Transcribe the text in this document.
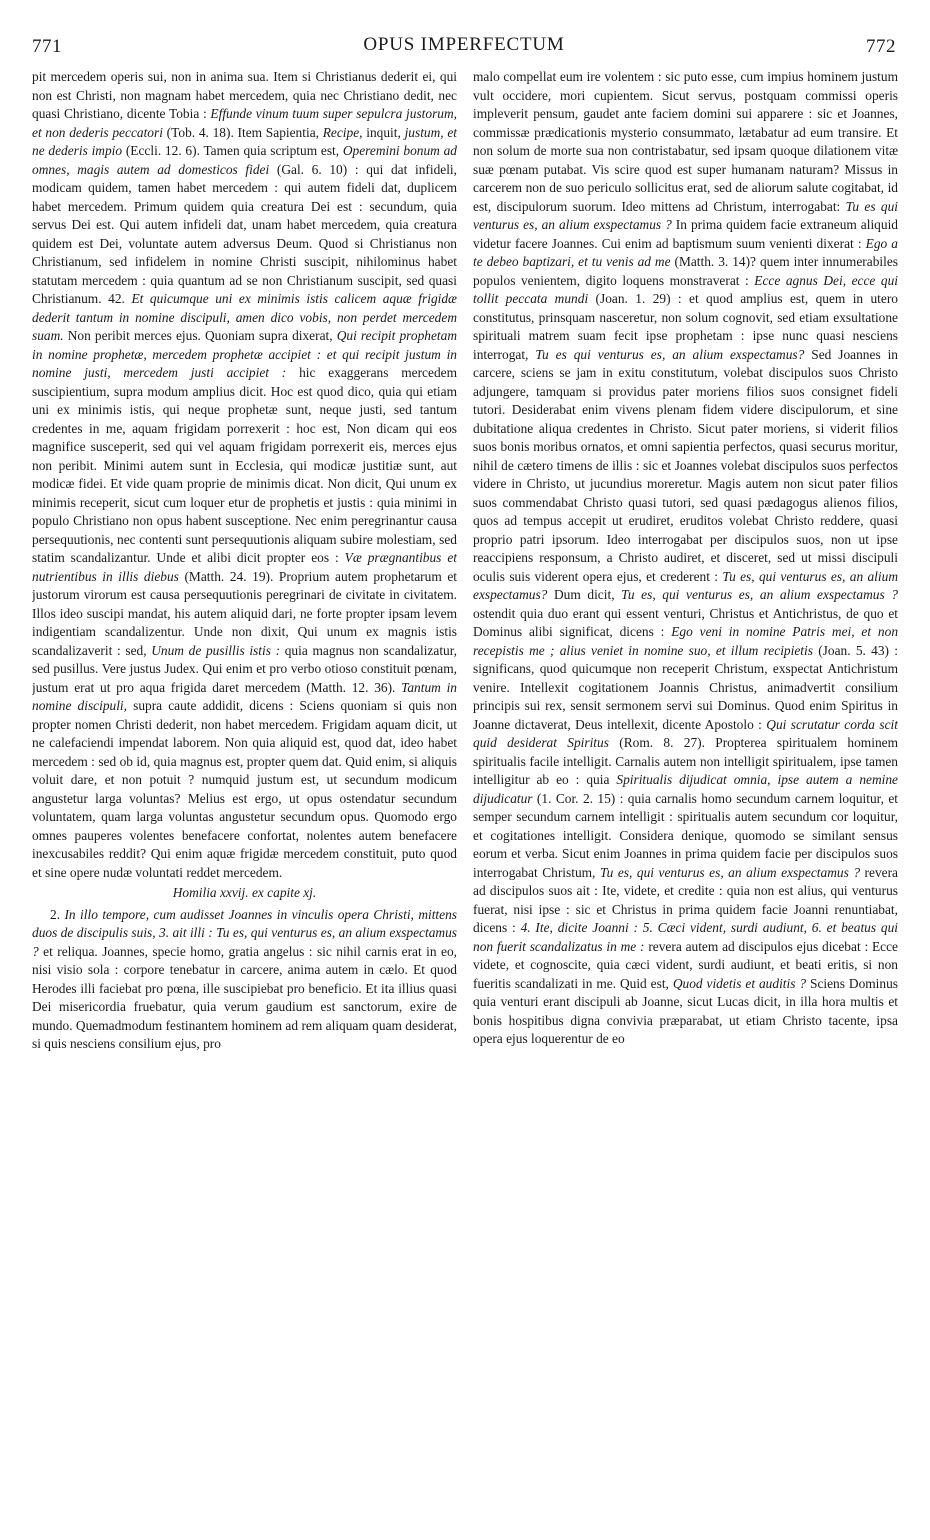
771	OPUS IMPERFECTUM	772

pit mercedem operis sui, non in anima sua. Item si Christianus dederit ei, qui non est Christi, non magnam habet mercedem, quia nec Christiano dedit, nec quasi Christiano, dicente Tobia : Effunde vinum tuum super sepulcra justorum, et non dederis peccatori (Tob. 4. 18). Item Sapientia, Recipe, inquit, justum, et ne dederis impio (Eccli. 12. 6). Tamen quia scriptum est, Operemini bonum ad omnes, magis autem ad domesticos fidei (Gal. 6. 10) : qui dat infideli, modicam quidem, tamen habet mercedem : qui autem fideli dat, duplicem habet mercedem. Primum quidem quia creatura Dei est : secundum, quia servus Dei est. Qui autem infideli dat, unam habet mercedem, quia creatura quidem est Dei, voluntate autem adversus Deum. Quod si Christianus non Christianum, sed infidelem in nomine Christi suscipit, nihilominus habet statutam mercedem : quia quantum ad se non Christianum suscipit, sed quasi Christianum. 42. Et quicumque uni ex minimis istis calicem aquæ frigidæ dederit tantum in nomine discipuli, amen dico vobis, non perdet mercedem suam. Non peribit merces ejus. Quoniam supra dixerat, Qui recipit prophetam in nomine prophetæ, mercedem prophetæ accipiet : et qui recipit justum in nomine justi, mercedem justi accipiet : hic exaggerans mercedem suscipientium, supra modum amplius dicit. Hoc est quod dico, quia qui etiam uni ex minimis istis, qui neque prophetæ sunt, neque justi, sed tantum credentes in me, aquam frigidam porrexerit : hoc est, Non dicam qui eos magnifice susceperit, sed qui vel aquam frigidam porrexerit eis, merces ejus non peribit. Minimi autem sunt in Ecclesia, qui modicæ justitiæ sunt, aut modicæ fidei. Et vide quam proprie de minimis dicat. Non dicit, Qui unum ex minimis receperit, sicut cum loquer etur de prophetis et justis : quia minimi in populo Christiano non opus habent susceptione. Nec enim peregrinantur causa persequutionis, nec contenti sunt persequutionis aliquam subire molestiam, sed statim scandalizantur. Unde et alibi dicit propter eos : Væ prægnantibus et nutrientibus in illis diebus (Matth. 24. 19). Proprium autem prophetarum et justorum virorum est causa persequutionis peregrinari de civitate in civitatem. Illos ideo suscipi mandat, his autem aliquid dari, ne forte propter ipsam levem indigentiam scandalizentur. Unde non dixit, Qui unum ex magnis istis scandalizaverit : sed, Unum de pusillis istis : quia magnus non scandalizatur, sed pusillus. Vere justus Judex. Qui enim et pro verbo otioso constituit pœnam, justum erat ut pro aqua frigida daret mercedem (Matth. 12. 36). Tantum in nomine discipuli, supra caute addidit, dicens : Sciens quoniam si quis non propter nomen Christi dederit, non habet mercedem. Frigidam aquam dicit, ut ne calefaciendi impendat laborem. Non quia aliquid est, quod dat, ideo habet mercedem : sed ob id, quia magnus est, propter quem dat. Quid enim, si aliquis voluit dare, et non potuit ? numquid justum est, ut secundum modicum angustetur larga voluntas? Melius est ergo, ut opus ostendatur secundum voluntatem, quam larga voluntas angustetur secundum opus. Quomodo ergo omnes pauperes volentes benefacere confortat, nolentes autem benefacere inexcusabiles reddit? Qui enim aquæ frigidæ mercedem constituit, puto quod et sine opere nudæ voluntati reddet mercedem.

Homilia xxvij. ex capite xj.

2. In illo tempore, cum audisset Joannes in vinculis opera Christi, mittens duos de discipulis suis, 3. ait illi : Tu es, qui venturus es, an alium exspectamus ? et reliqua. Joannes, specie homo, gratia angelus : sic nihil carnis erat in eo, nisi visio sola : corpore tenebatur in carcere, anima autem in cælo. Et quod Herodes illi faciebat pro pœna, ille suscipiebat pro beneficio. Et ita illius quasi Dei misericordia fruebatur, quia verum gaudium est sanctorum, exire de mundo. Quemadmodum festinantem hominem ad rem aliquam quam desiderat, si quis nesciens consilium ejus, pro

malo compellat eum ire volentem : sic puto esse, cum impius hominem justum vult occidere, mori cupientem. Sicut servus, postquam commissi operis impleverit pensum, gaudet ante faciem domini sui apparere : sic et Joannes, commissæ prædicationis mysterio consummato, lætabatur ad eum transire. Et non solum de morte sua non contristabatur, sed ipsam quoque dilationem vitæ suæ pœnam putabat. Vis scire quod est super humanam naturam? Missus in carcerem non de suo periculo sollicitus erat, sed de aliorum salute cogitabat, id est, discipulorum suorum. Ideo mittens ad Christum, interrogabat: Tu es qui venturus es, an alium exspectamus ? In prima quidem facie extraneum aliquid videtur facere Joannes. Cui enim ad baptismum suum venienti dixerat : Ego a te debeo baptizari, et tu venis ad me (Matth. 3. 14)? quem inter innumerabiles populos venientem, digito loquens monstraverat : Ecce agnus Dei, ecce qui tollit peccata mundi (Joan. 1. 29) : et quod amplius est, quem in utero constitutus, prinsquam nasceretur, non solum cognovit, sed etiam exsultatione spirituali matrem suam fecit ipse prophetam : ipse nunc quasi nesciens interrogat, Tu es qui venturus es, an alium exspectamus? Sed Joannes in carcere, sciens se jam in exitu constitutum, volebat discipulos suos Christo adjungere, tamquam si providus pater moriens filios suos consignet fideli tutori. Desiderabat enim vivens plenam fidem videre discipulorum, et sine dubitatione aliqua credentes in Christo. Sicut pater moriens, si viderit filios suos bonis moribus ornatos, et omni sapientia perfectos, quasi securus moritur, nihil de cætero timens de illis : sic et Joannes volebat discipulos suos perfectos videre in Christo, ut jucundius moreretur. Magis autem non sicut pater filios suos commendabat Christo quasi tutori, sed quasi pædagogus alienos filios, quos ad tempus accepit ut erudiret, eruditos volebat Christo reddere, quasi proprio patri ipsorum. Ideo interrogabat per discipulos suos, non ut ipse reaccipiens responsum, a Christo audiret, et disceret, sed ut missi discipuli oculis suis viderent opera ejus, et crederent : Tu es, qui venturus es, an alium exspectamus? Dum dicit, Tu es, qui venturus es, an alium exspectamus ? ostendit quia duo erant qui essent venturi, Christus et Antichristus, de quo et Dominus alibi significat, dicens : Ego veni in nomine Patris mei, et non recepistis me ; alius veniet in nomine suo, et illum recipietis (Joan. 5. 43) : significans, quod quicumque non receperit Christum, exspectat Antichristum venire. Intellexit cogitationem Joannis Christus, animadvertit consilium principis sui rex, sensit sermonem servi sui Dominus. Quod enim Spiritus in Joanne dictaverat, Deus intellexit, dicente Apostolo : Qui scrutatur corda scit quid desiderat Spiritus (Rom. 8. 27). Propterea spiritualem hominem spiritualis facile intelligit. Carnalis autem non intelligit spiritualem, ipse tamen intelligitur ab eo : quia Spiritualis dijudicat omnia, ipse autem a nemine dijudicatur (1. Cor. 2. 15) : quia carnalis homo secundum carnem loquitur, et semper secundum carnem intelligit : spiritualis autem secundum cor loquitur, et cogitationes intelligit. Considera denique, quomodo se similant sensus eorum et verba. Sicut enim Joannes in prima quidem facie per discipulos suos interrogabat Christum, Tu es, qui venturus es, an alium exspectamus ? revera ad discipulos suos ait : Ite, videte, et credite : quia non est alius, qui venturus fuerat, nisi ipse : sic et Christus in prima quidem facie Joanni renuntiabat, dicens : 4. Ite, dicite Joanni : 5. Cæci vident, surdi audiunt, 6. et beatus qui non fuerit scandalizatus in me : revera autem ad discipulos ejus dicebat : Ecce videte, et cognoscite, quia cæci vident, surdi audiunt, et beati eritis, si non fueritis scandalizati in me. Quid est, Quod videtis et auditis ? Sciens Dominus quia venturi erant discipuli ab Joanne, sicut Lucas dicit, in illa hora multis et bonis hospitibus digna convivia præparabat, ut etiam Christo tacente, ipsa opera ejus loquerentur de eo
